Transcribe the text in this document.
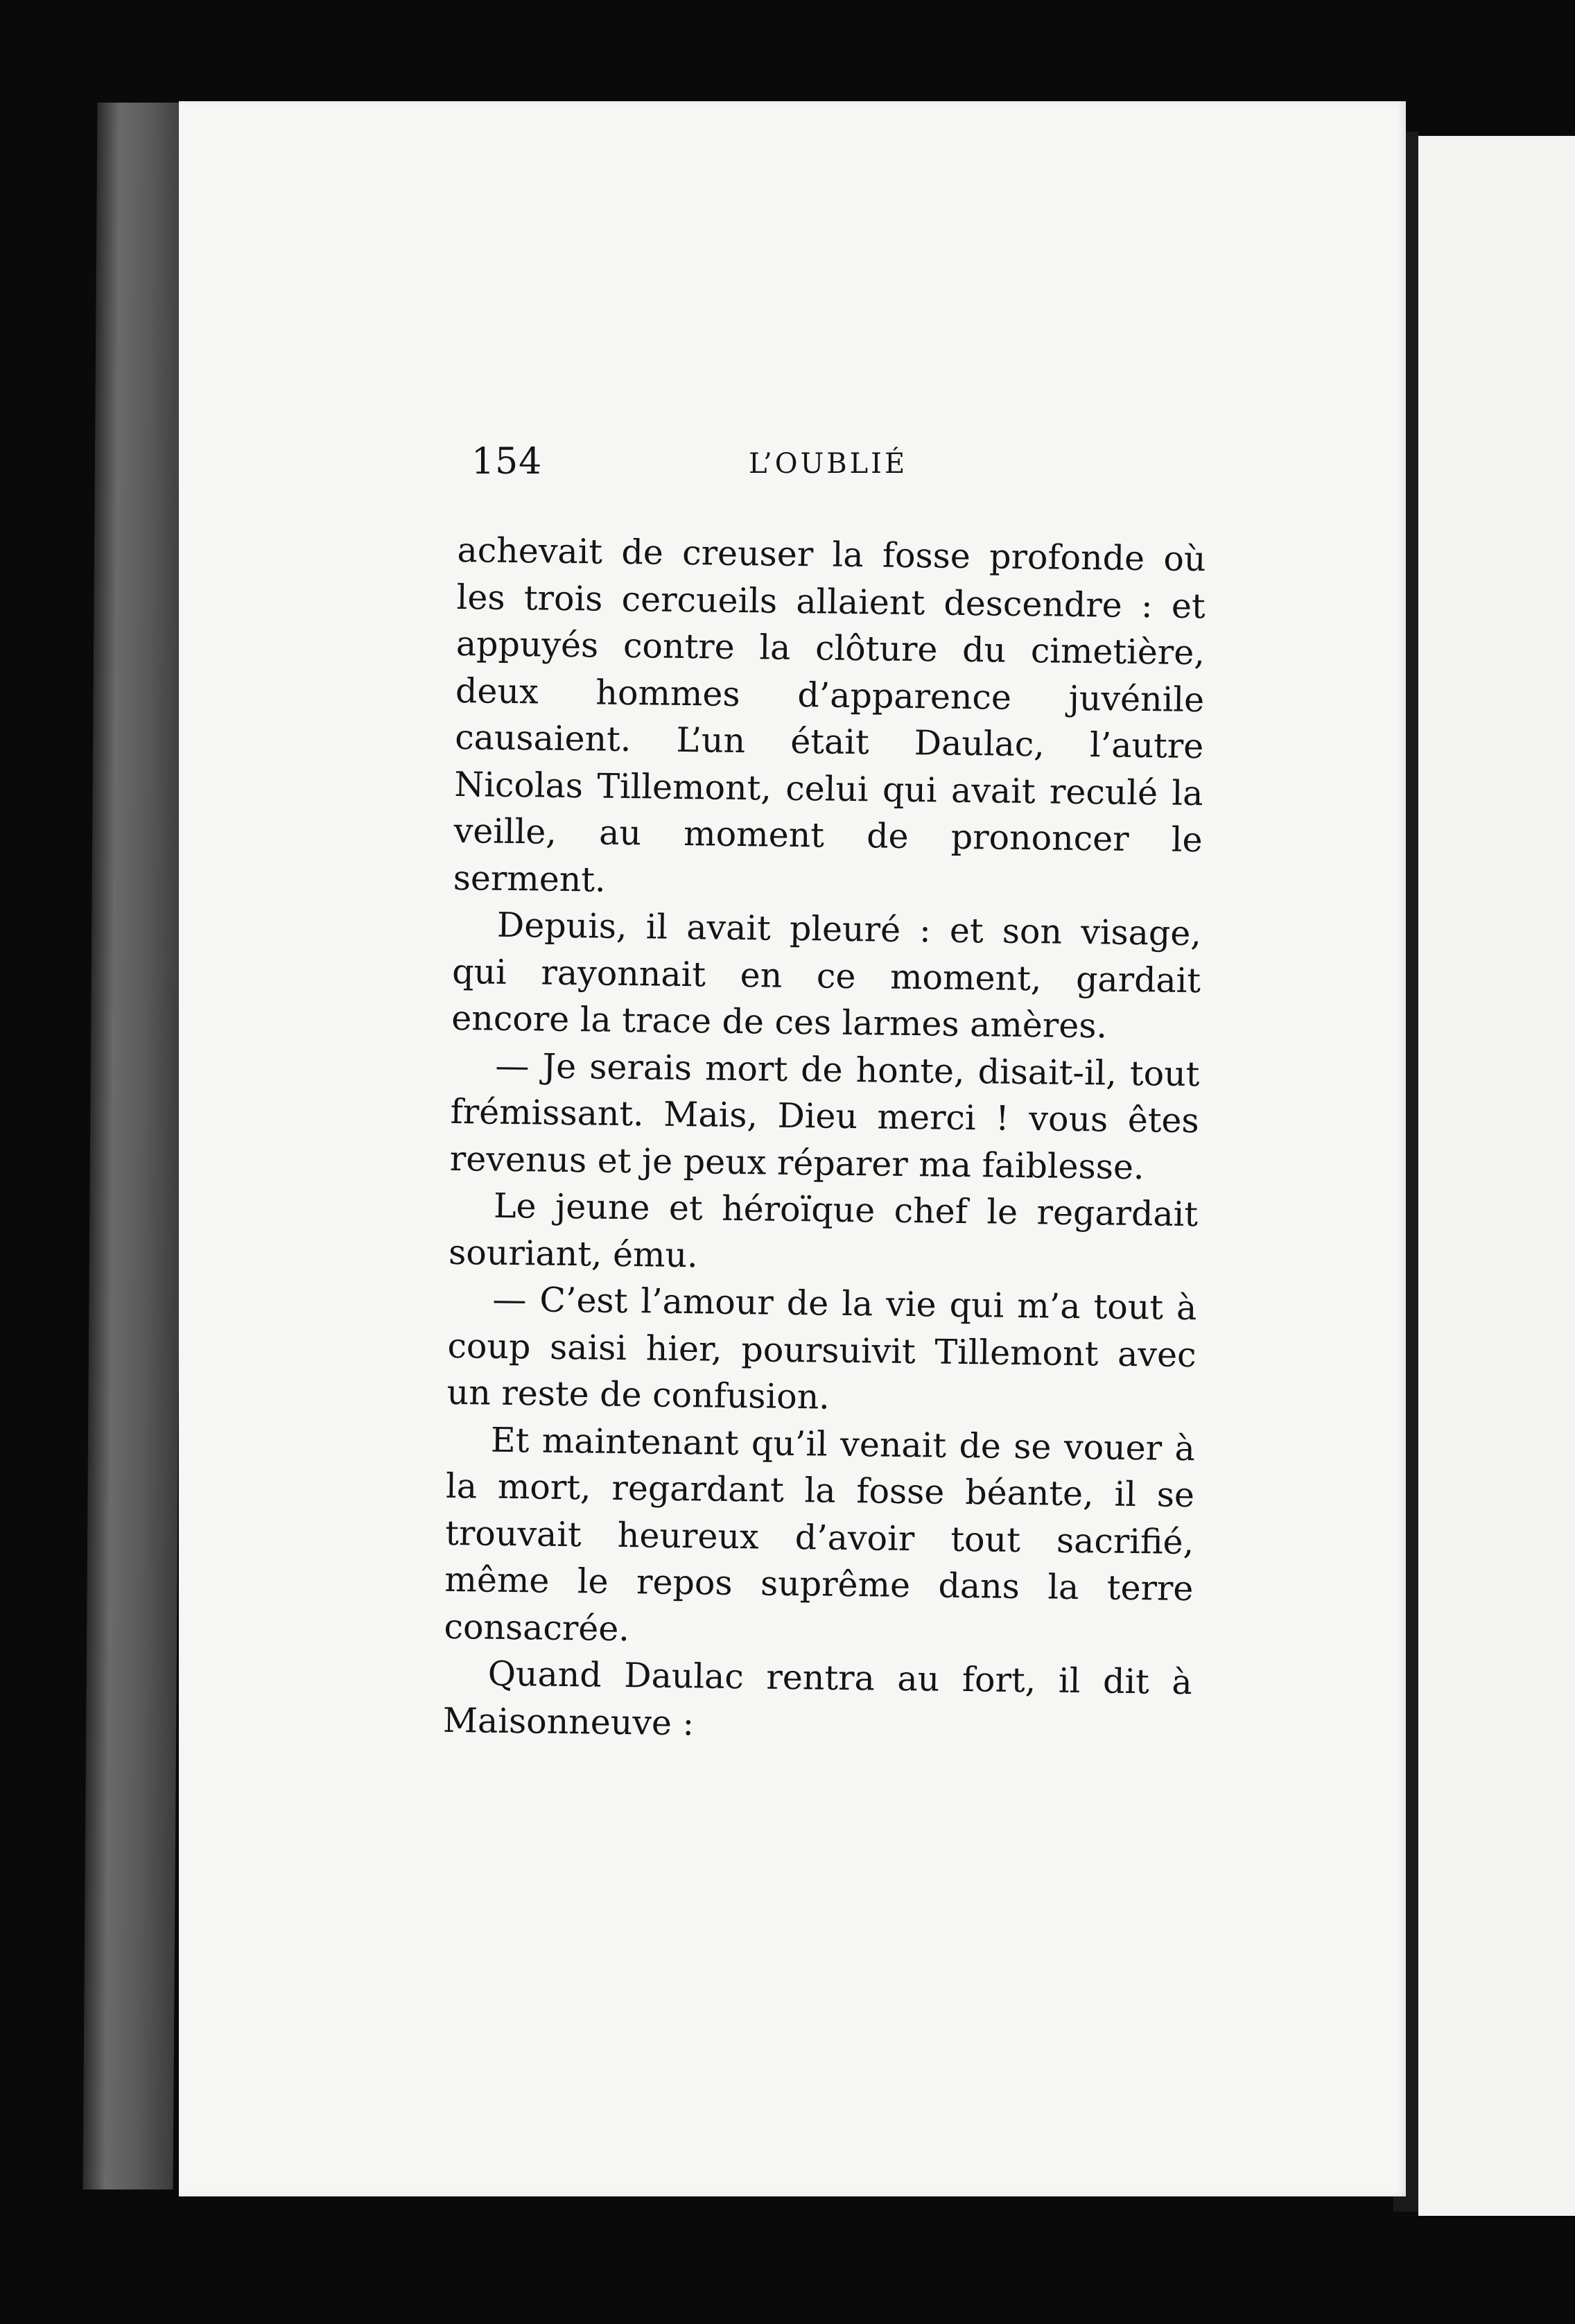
154	L’OUBLIÉ

achevait de creuser la fosse profonde où les trois cercueils allaient descendre : et appuyés contre la clôture du cimetière, deux hommes d’apparence juvénile causaient. L’un était Daulac, l’autre Nicolas Tillemont, celui qui avait reculé la veille, au moment de prononcer le serment.

Depuis, il avait pleuré : et son visage, qui rayonnait en ce moment, gardait encore la trace de ces larmes amères.

— Je serais mort de honte, disait-il, tout frémissant. Mais, Dieu merci ! vous êtes revenus et je peux réparer ma faiblesse.

Le jeune et héroïque chef le regardait souriant, ému.

— C’est l’amour de la vie qui m’a tout à coup saisi hier, poursuivit Tillemont avec un reste de confusion.

Et maintenant qu’il venait de se vouer à la mort, regardant la fosse béante, il se trouvait heureux d’avoir tout sacrifié, même le repos suprême dans la terre consacrée.

Quand Daulac rentra au fort, il dit à Maisonneuve :
